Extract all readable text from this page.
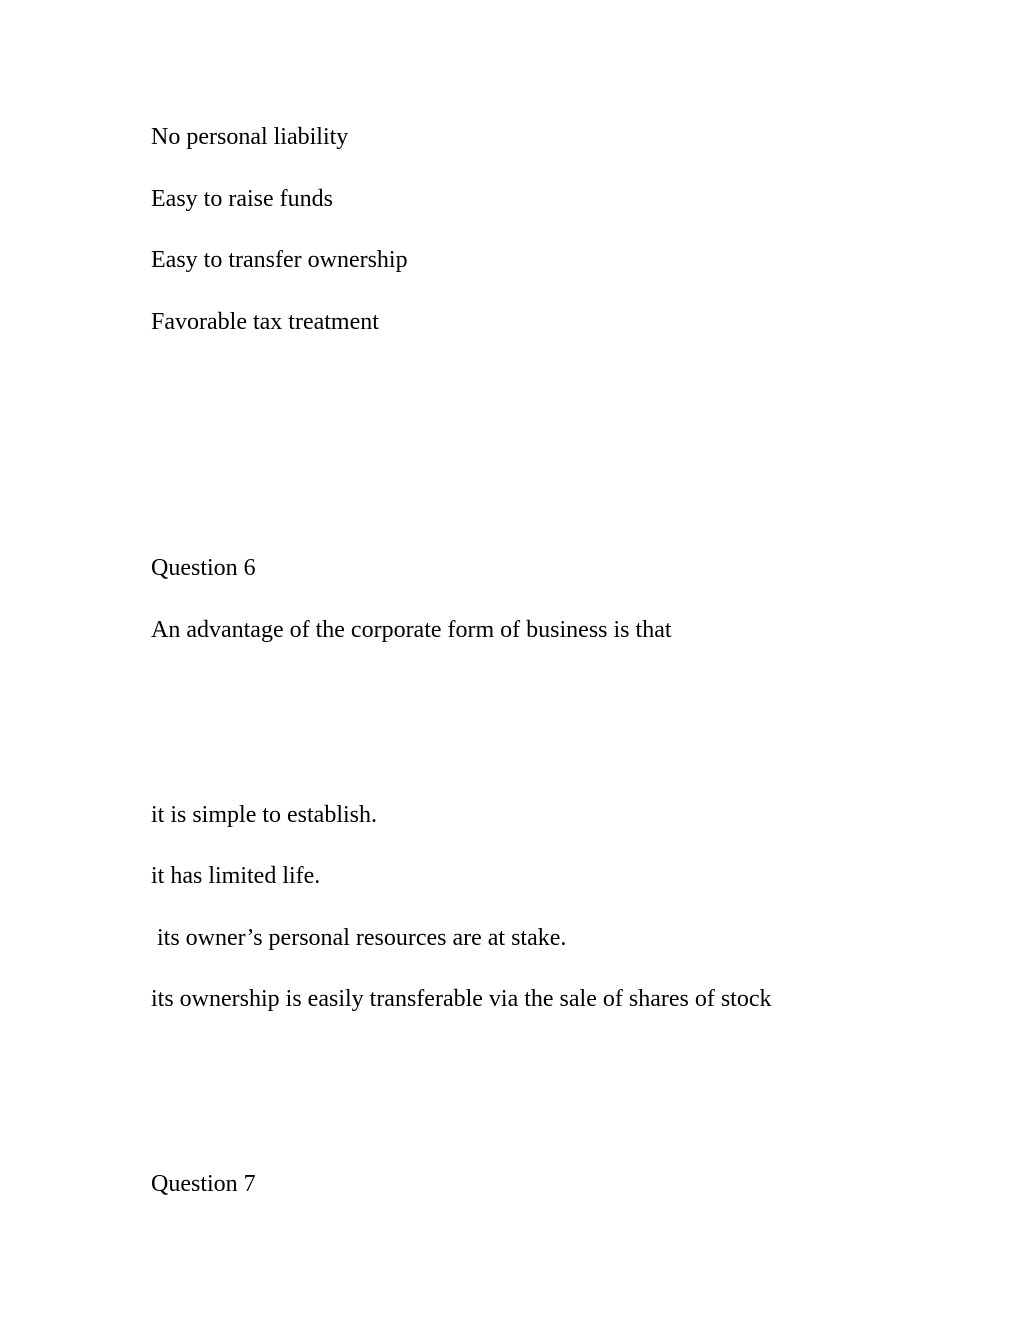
No personal liability
Easy to raise funds
Easy to transfer ownership
Favorable tax treatment
Question 6
An advantage of the corporate form of business is that
it is simple to establish.
it has limited life.
its owner’s personal resources are at stake.
its ownership is easily transferable via the sale of shares of stock
Question 7
